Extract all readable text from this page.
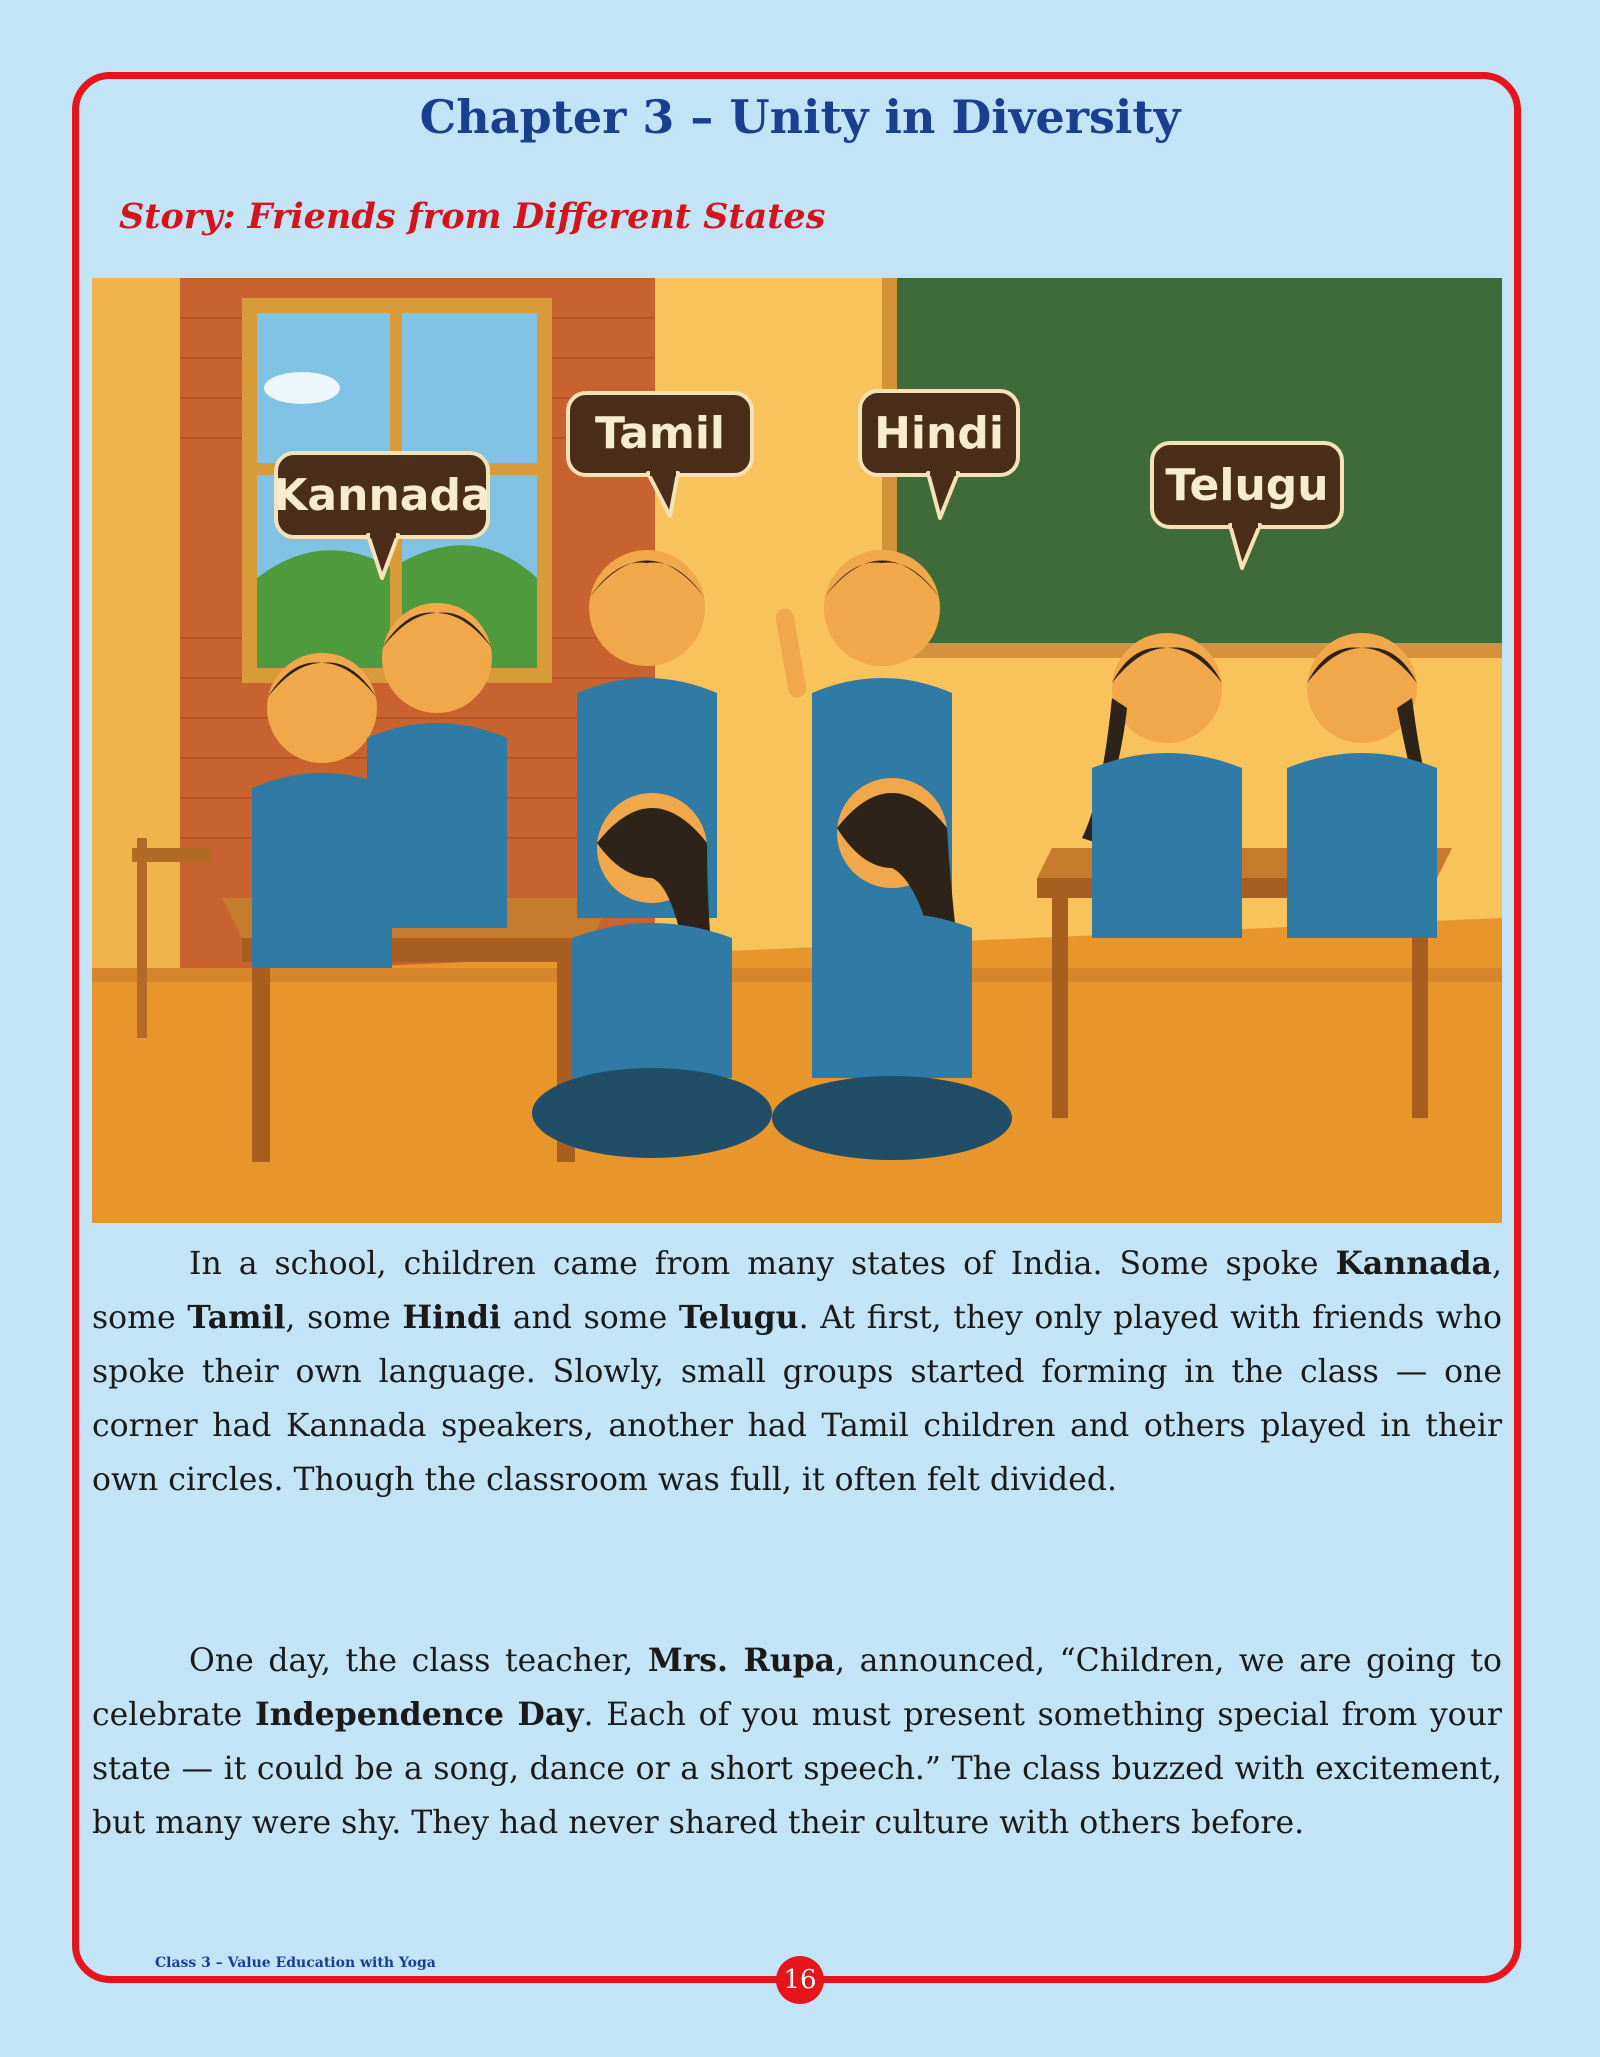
Chapter 3 – Unity in Diversity
Story: Friends from Different States
Kannada
Tamil	Hindi
Telugu

In a school, children came from many states of India. Some spoke Kannada, some Tamil, some Hindi and some Telugu. At first, they only played with friends who spoke their own language. Slowly, small groups started forming in the class — one corner had Kannada speakers, another had Tamil children and others played in their own circles. Though the classroom was full, it often felt divided.

One day, the class teacher, Mrs. Rupa, announced, “Children, we are going to celebrate Independence Day. Each of you must present something special from your state — it could be a song, dance or a short speech.” The class buzzed with excitement, but many were shy. They had never shared their culture with others before.

Class 3 – Value Education with Yoga

16
